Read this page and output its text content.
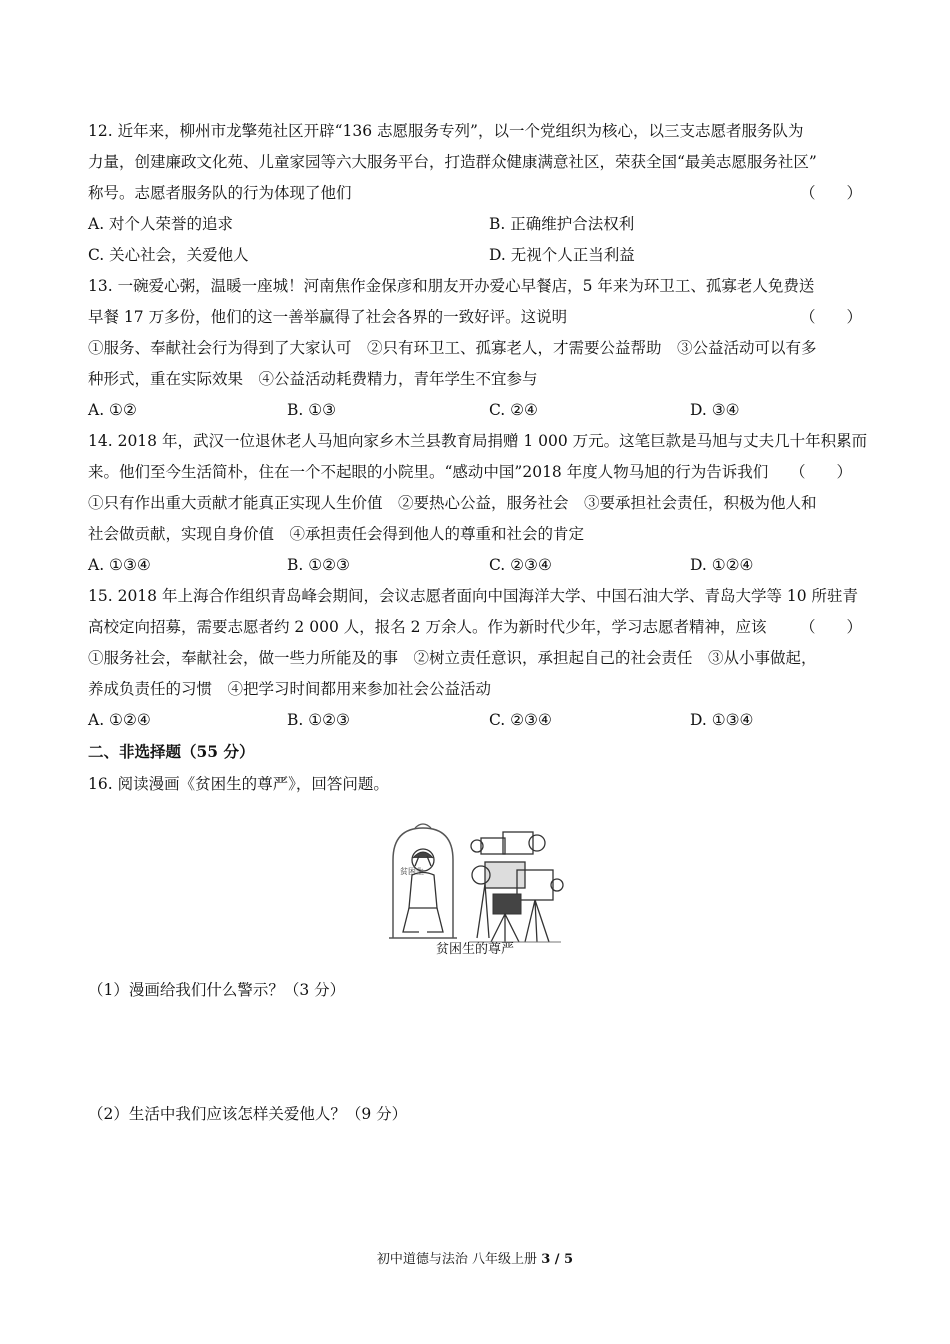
12. 近年来，柳州市龙擎苑社区开辟“136 志愿服务专列”，以一个党组织为核心，以三支志愿者服务队为
力量，创建廉政文化苑、儿童家园等六大服务平台，打造群众健康满意社区，荣获全国“最美志愿服务社区”
称号。志愿者服务队的行为体现了他们	（　　）
A. 对个人荣誉的追求	B. 正确维护合法权利
C. 关心社会，关爱他人	D. 无视个人正当利益
13. 一碗爱心粥，温暖一座城！河南焦作金保彦和朋友开办爱心早餐店，5 年来为环卫工、孤寡老人免费送
早餐 17 万多份，他们的这一善举赢得了社会各界的一致好评。这说明	（　　）
①服务、奉献社会行为得到了大家认可　②只有环卫工、孤寡老人，才需要公益帮助　③公益活动可以有多
种形式，重在实际效果　④公益活动耗费精力，青年学生不宜参与
A. ①②	B. ①③	C. ②④	D. ③④
14. 2018 年，武汉一位退休老人马旭向家乡木兰县教育局捐赠 1 000 万元。这笔巨款是马旭与丈夫几十年积累而
来。他们至今生活简朴，住在一个不起眼的小院里。“感动中国”2018 年度人物马旭的行为告诉我们 （　　）
①只有作出重大贡献才能真正实现人生价值　②要热心公益，服务社会　③要承担社会责任，积极为他人和
社会做贡献，实现自身价值　④承担责任会得到他人的尊重和社会的肯定
A. ①③④	B. ①②③	C. ②③④	D. ①②④
15. 2018 年上海合作组织青岛峰会期间，会议志愿者面向中国海洋大学、中国石油大学、青岛大学等 10 所驻青
高校定向招募，需要志愿者约 2 000 人，报名 2 万余人。作为新时代少年，学习志愿者精神，应该 （　　）
①服务社会，奉献社会，做一些力所能及的事　②树立责任意识，承担起自己的社会责任　③从小事做起，
养成负责任的习惯　④把学习时间都用来参加社会公益活动
A. ①②④	B. ①②③	C. ②③④	D. ①③④
二、非选择题（55 分）
16. 阅读漫画《贫困生的尊严》，回答问题。
贫困生
贫困生的尊严
（1）漫画给我们什么警示？（3 分）
（2）生活中我们应该怎样关爱他人？（9 分）
初中道德与法治 八年级上册 3 / 5
